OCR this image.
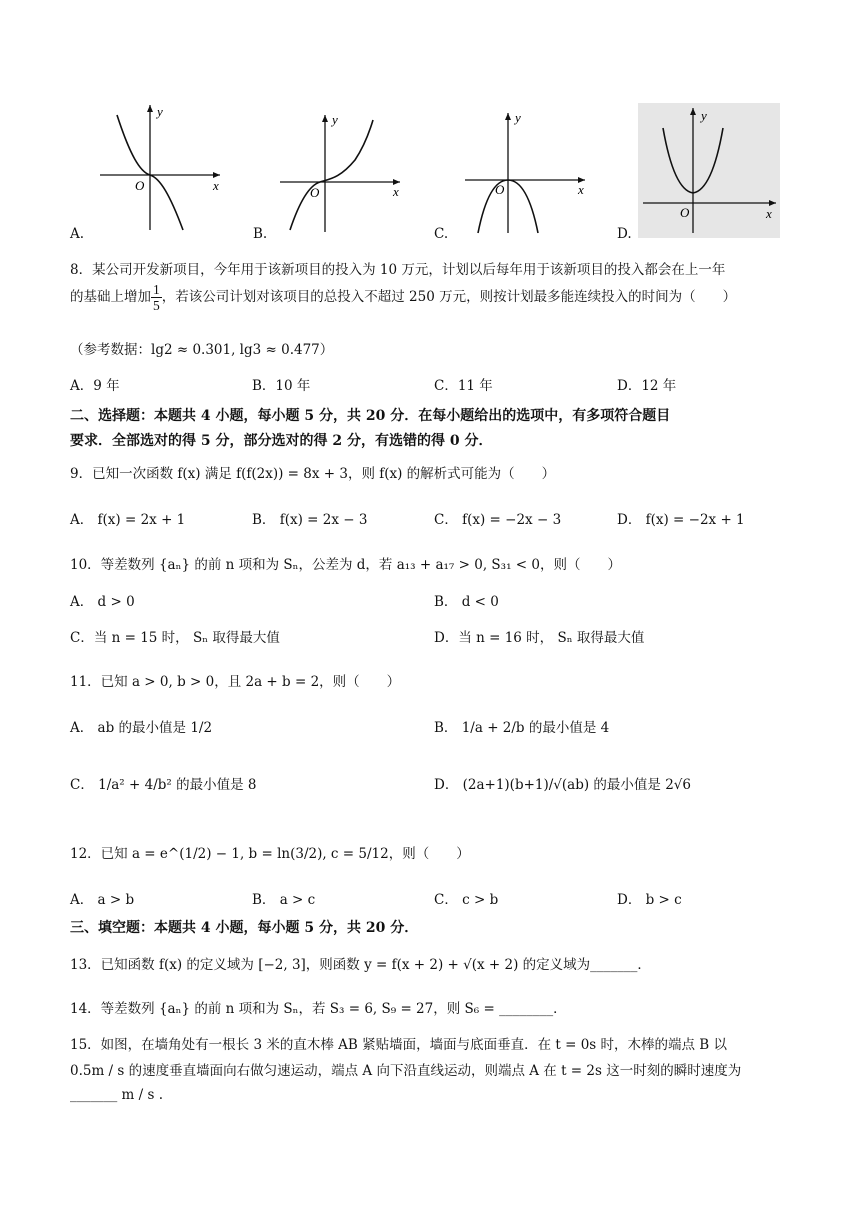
y
x
O
A.
y
x
O
B.
y
x
O
C.
y
x
O
D.
8．某公司开发新项目，今年用于该新项目的投入为 10 万元，计划以后每年用于该新项目的投入都会在上一年
的基础上增加 $\frac{1}{5}$ ，若该公司计划对该项目的总投入不超过 250 万元，则按计划最多能连续投入的时间为（　　）
（参考数据：lg2 ≈ 0.301, lg3 ≈ 0.477）
A．9 年	B．10 年	C．11 年	D．12 年
二、选择题：本题共 4 小题，每小题 5 分，共 20 分．在每小题给出的选项中，有多项符合题目
要求．全部选对的得 5 分，部分选对的得 2 分，有选错的得 0 分．
9．已知一次函数 f(x) 满足 f(f(2x)) = 8x + 3，则 f(x) 的解析式可能为（　　）
A． f(x) = 2x + 1	B． f(x) = 2x − 3	C． f(x) = −2x − 3	D． f(x) = −2x + 1
10．等差数列 {aₙ} 的前 n 项和为 Sₙ，公差为 d，若 a₁₃ + a₁₇ > 0, S₃₁ < 0，则（　　）
A． d > 0	B． d < 0
C．当 n = 15 时， Sₙ 取得最大值	D．当 n = 16 时， Sₙ 取得最大值
11．已知 a > 0, b > 0，且 2a + b = 2，则（　　）
A． ab 的最小值是 1/2	B． 1/a + 2/b 的最小值是 4
C． 1/a² + 4/b² 的最小值是 8	D． (2a+1)(b+1)/√(ab) 的最小值是 2√6
12．已知 a = e^(1/2) − 1, b = ln(3/2), c = 5/12，则（　　）
A． a > b	B． a > c	C． c > b	D． b > c
三、填空题：本题共 4 小题，每小题 5 分，共 20 分．
13．已知函数 f(x) 的定义域为 [−2, 3]，则函数 y = f(x + 2) + √(x + 2) 的定义域为_______．
14．等差数列 {aₙ} 的前 n 项和为 Sₙ，若 S₃ = 6, S₉ = 27，则 S₆ = ________．
15．如图，在墙角处有一根长 3 米的直木棒 AB 紧贴墙面，墙面与底面垂直．在 t = 0s 时，木棒的端点 B 以
0.5m / s 的速度垂直墙面向右做匀速运动，端点 A 向下沿直线运动，则端点 A 在 t = 2s 这一时刻的瞬时速度为
_______ m / s .
